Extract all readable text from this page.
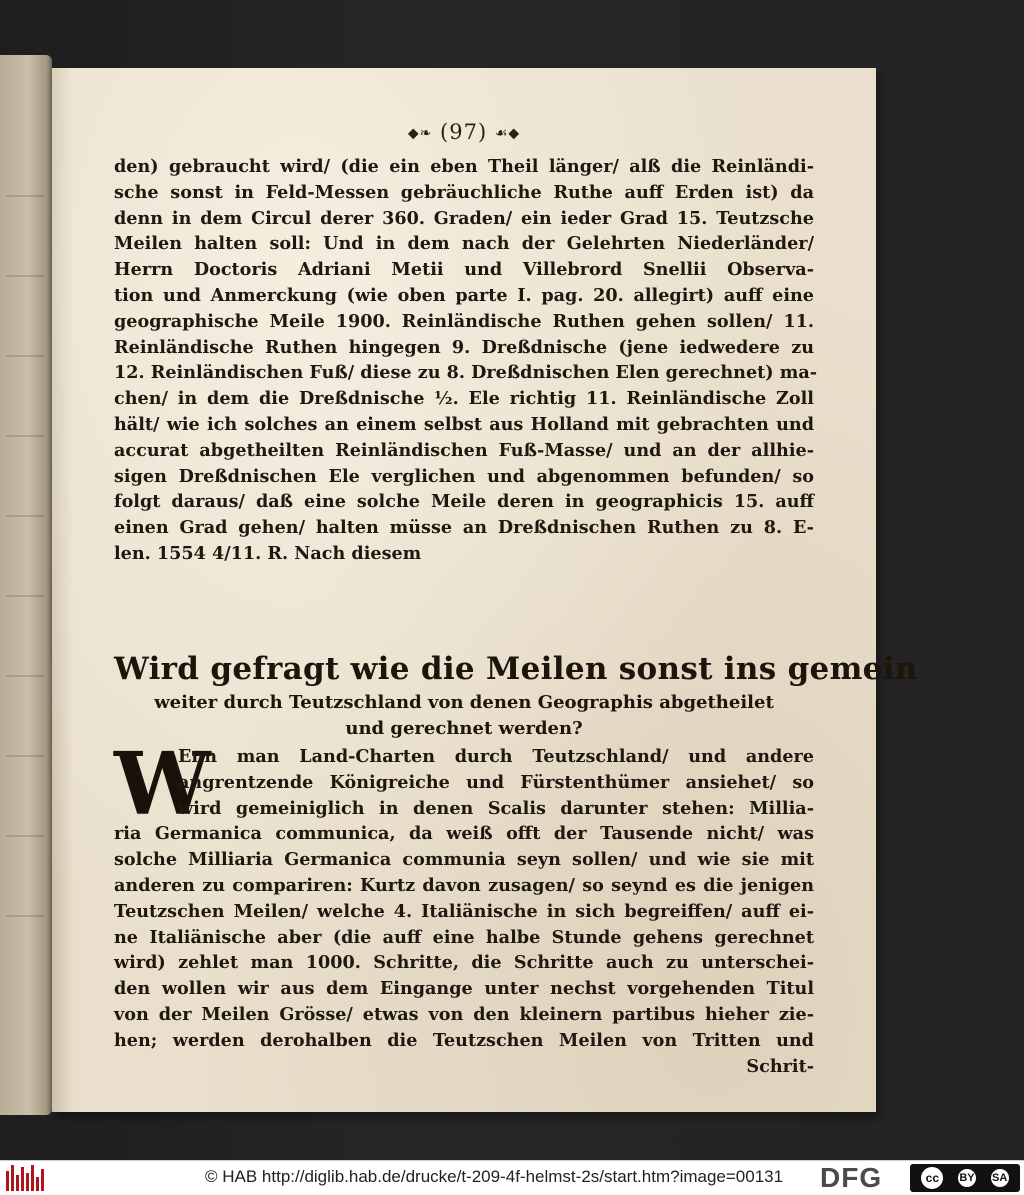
◆❧ (97) ☙◆
den) gebraucht wird/ (die ein eben Theil länger/ alß die Reinländi-
sche sonst in Feld-Messen gebräuchliche Ruthe auff Erden ist) da
denn in dem Circul derer 360. Graden/ ein ieder Grad 15. Teutzsche
Meilen halten soll: Und in dem nach der Gelehrten Niederländer/
Herrn Doctoris Adriani Metii und Villebrord Snellii Observa-
tion und Anmerckung (wie oben parte I. pag. 20. allegirt) auff eine
geographische Meile 1900. Reinländische Ruthen gehen sollen/ 11.
Reinländische Ruthen hingegen 9. Dreßdnische (jene iedwedere zu
12. Reinländischen Fuß/ diese zu 8. Dreßdnischen Elen gerechnet) ma-
chen/ in dem die Dreßdnische ½. Ele richtig 11. Reinländische Zoll
hält/ wie ich solches an einem selbst aus Holland mit gebrachten und
accurat abgetheilten Reinländischen Fuß-Masse/ und an der allhie-
sigen Dreßdnischen Ele verglichen und abgenommen befunden/ so
folgt daraus/ daß eine solche Meile deren in geographicis 15. auff
einen Grad gehen/ halten müsse an Dreßdnischen Ruthen zu 8. E-
len. 1554 4/11. R. Nach diesem
Wird gefragt wie die Meilen sonst ins gemein
weiter durch Teutzschland von denen Geographis abgetheilet
und gerechnet werden?
W
Enn man Land-Charten durch Teutzschland/ und andere
angrentzende Königreiche und Fürstenthümer ansiehet/ so
wird gemeiniglich in denen Scalis darunter stehen: Millia-
ria Germanica communica, da weiß offt der Tausende nicht/ was
solche Milliaria Germanica communia seyn sollen/ und wie sie mit
anderen zu compariren: Kurtz davon zusagen/ so seynd es die jenigen
Teutzschen Meilen/ welche 4. Italiänische in sich begreiffen/ auff ei-
ne Italiänische aber (die auff eine halbe Stunde gehens gerechnet
wird) zehlet man 1000. Schritte, die Schritte auch zu unterschei-
den wollen wir aus dem Eingange unter nechst vorgehenden Titul
von der Meilen Grösse/ etwas von den kleinern partibus hieher zie-
hen; werden derohalben die Teutzschen Meilen von Tritten und
Schrit-
© HAB http://diglib.hab.de/drucke/t-209-4f-helmst-2s/start.htm?image=00131 DFG	cc	BY	SA
